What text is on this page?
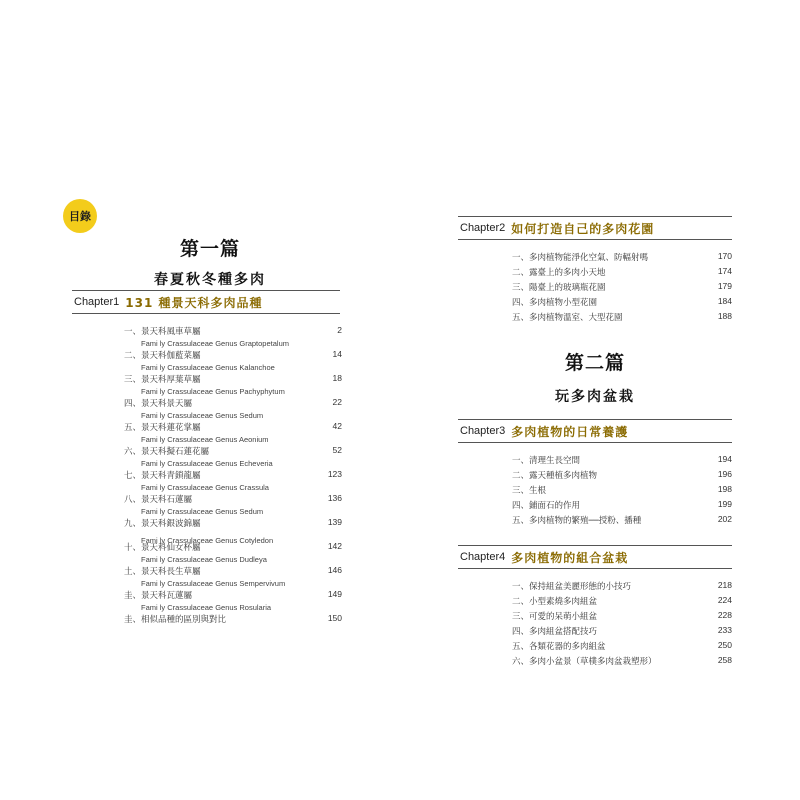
目錄
第一篇
春夏秋冬種多肉
Chapter1 131 種景天科多肉品種
一、景天科風車草屬	2
Fami ly Crassulaceae Genus Graptopetalum
二、景天科伽藍菜屬	14
Fami ly Crassulaceae Genus Kalanchoe
三、景天科厚葉草屬	18
Fami ly Crassulaceae Genus Pachyphytum
四、景天科景天屬	22
Fami ly Crassulaceae Genus Sedum
五、景天科蓮花掌屬	42
Fami ly Crassulaceae Genus Aeonium
六、景天科擬石蓮花屬	52
Fami ly Crassulaceae Genus Echeveria
七、景天科青鎖龍屬	123
Fami ly Crassulaceae Genus Crassula
八、景天科石蓮屬	136
Fami ly Crassulaceae Genus Sedum
九、景天科銀波錦屬	139
Fami ly Crassulaceae Genus Cotyledon
十、景天科仙女杯屬	142
Fami ly Crassulaceae Genus Dudleya
土、景天科長生草屬	146
Fami ly Crassulaceae Genus Sempervivum
圭、景天科瓦蓮屬	149
Fami ly Crassulaceae Genus Rosularia
圭、相似品種的區別與對比	150
Chapter2 如何打造自己的多肉花園
一、多肉植物能淨化空氣、防輻射嗎	170
二、露臺上的多肉小天地	174
三、陽臺上的玻璃瓶花園	179
四、多肉植物小型花園	184
五、多肉植物溫室、大型花園	188
第二篇
玩多肉盆栽
Chapter3 多肉植物的日常養護
一、清理生長空間	194
二、露天種植多肉植物	196
三、生根	198
四、鋪面石的作用	199
五、多肉植物的繁殖──授粉、播種	202
Chapter4 多肉植物的組合盆栽
一、保持組盆美麗形態的小技巧	218
二、小型素燒多肉組盆	224
三、可愛的呆萌小組盆	228
四、多肉組盆搭配技巧	233
五、各類花器的多肉組盆	250
六、多肉小盆景（草樸多肉盆栽塑形）	258
